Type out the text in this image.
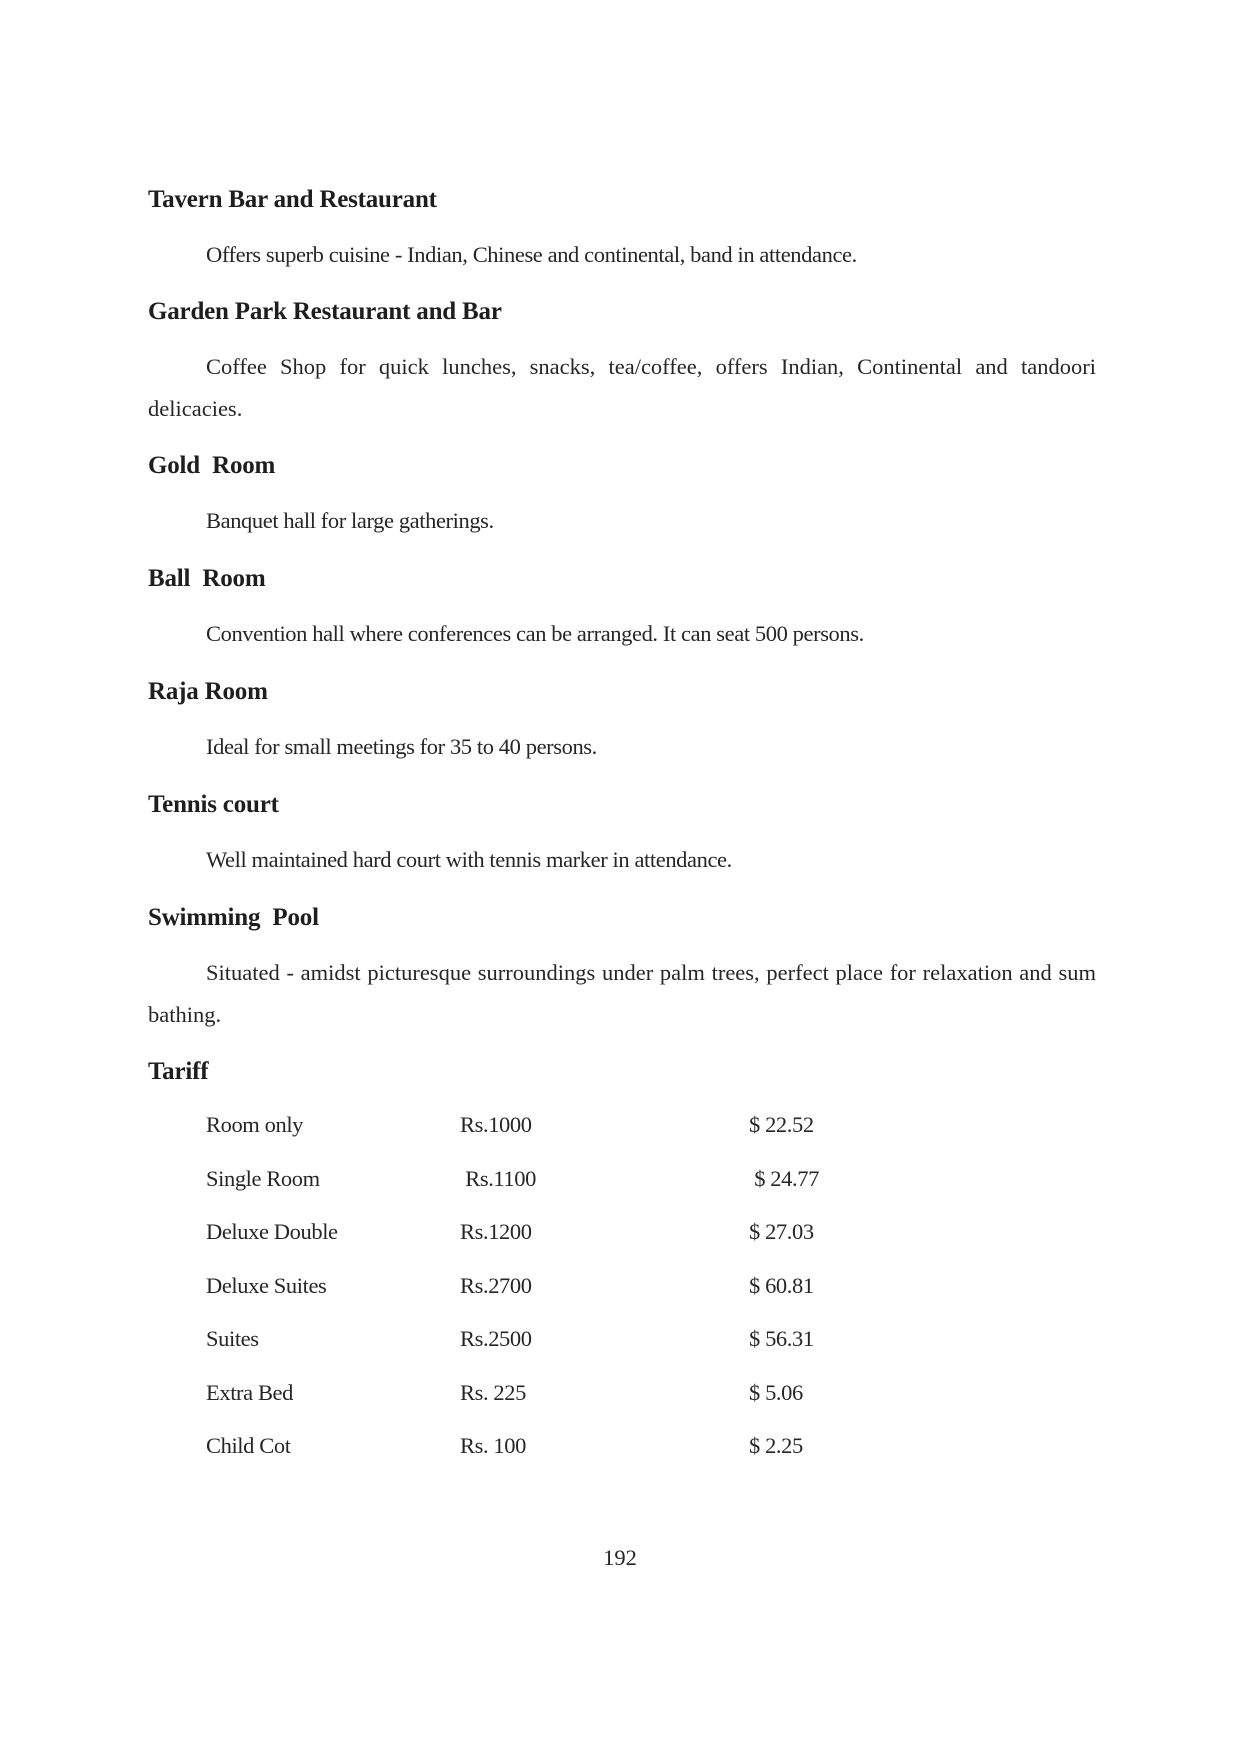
Tavern Bar and Restaurant
Offers superb cuisine - Indian, Chinese and continental, band in attendance.
Garden Park Restaurant and Bar
Coffee Shop for quick lunches, snacks, tea/coffee, offers Indian, Continental and tandoori delicacies.
Gold  Room
Banquet hall for large gatherings.
Ball  Room
Convention hall where conferences can be arranged. It can seat 500 persons.
Raja Room
Ideal for small meetings for 35 to 40 persons.
Tennis court
Well maintained hard court with tennis marker in attendance.
Swimming  Pool
Situated - amidst picturesque surroundings under palm trees, perfect place for relaxation and sum bathing.
Tariff
Room only	Rs.1000	$ 22.52
Single Room	Rs.1100	$ 24.77
Deluxe Double	Rs.1200	$ 27.03
Deluxe Suites	Rs.2700	$ 60.81
Suites	Rs.2500	$ 56.31
Extra Bed	Rs. 225	$ 5.06
Child Cot	Rs. 100	$ 2.25
192
